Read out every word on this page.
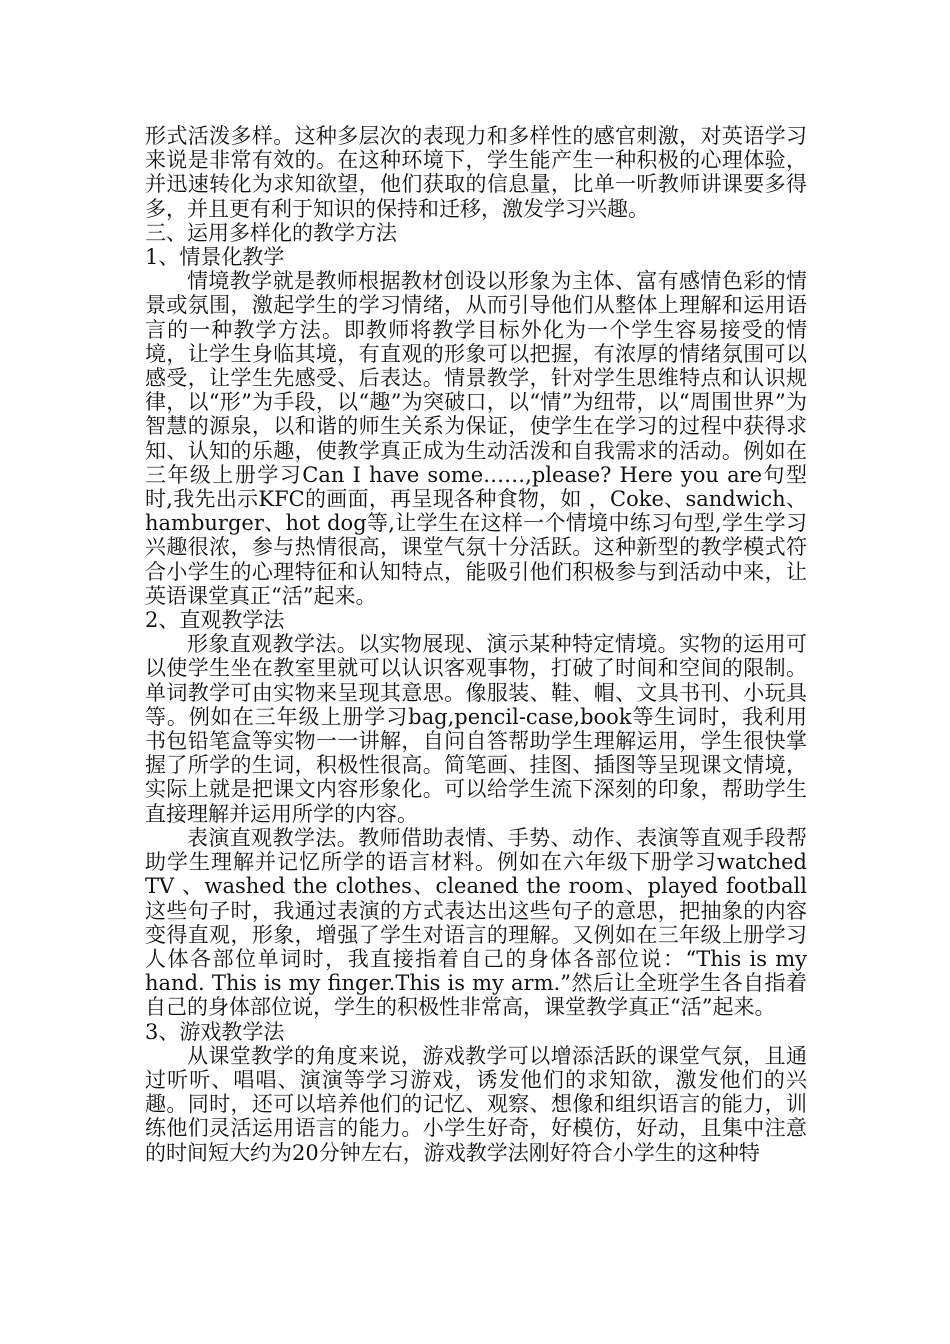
形式活泼多样。这种多层次的表现力和多样性的感官刺激，对英语学习来说是非常有效的。在这种环境下，学生能产生一种积极的心理体验，并迅速转化为求知欲望，他们获取的信息量，比单一听教师讲课要多得多，并且更有利于知识的保持和迁移，激发学习兴趣。

三、运用多样化的教学方法

1、情景化教学

情境教学就是教师根据教材创设以形象为主体、富有感情色彩的情景或氛围，激起学生的学习情绪，从而引导他们从整体上理解和运用语言的一种教学方法。即教师将教学目标外化为一个学生容易接受的情境，让学生身临其境，有直观的形象可以把握，有浓厚的情绪氛围可以感受，让学生先感受、后表达。情景教学，针对学生思维特点和认识规律，以“形”为手段，以“趣”为突破口，以“情”为纽带，以“周围世界”为智慧的源泉，以和谐的师生关系为保证，使学生在学习的过程中获得求知、认知的乐趣，使教学真正成为生动活泼和自我需求的活动。例如在三年级上册学习Can I have some……,please? Here you are句型时,我先出示KFC的画面，再呈现各种食物，如 ，Coke、sandwich、hamburger、hot dog等,让学生在这样一个情境中练习句型,学生学习兴趣很浓，参与热情很高，课堂气氛十分活跃。这种新型的教学模式符合小学生的心理特征和认知特点，能吸引他们积极参与到活动中来，让英语课堂真正“活”起来。

2、直观教学法

形象直观教学法。以实物展现、演示某种特定情境。实物的运用可以使学生坐在教室里就可以认识客观事物，打破了时间和空间的限制。单词教学可由实物来呈现其意思。像服装、鞋、帽、文具书刊、小玩具等。例如在三年级上册学习bag,pencil-case,book等生词时，我利用书包铅笔盒等实物一一讲解，自问自答帮助学生理解运用，学生很快掌握了所学的生词，积极性很高。简笔画、挂图、插图等呈现课文情境，实际上就是把课文内容形象化。可以给学生流下深刻的印象，帮助学生直接理解并运用所学的内容。

表演直观教学法。教师借助表情、手势、动作、表演等直观手段帮助学生理解并记忆所学的语言材料。例如在六年级下册学习watched TV 、washed the clothes、cleaned the room、played football这些句子时，我通过表演的方式表达出这些句子的意思，把抽象的内容变得直观，形象，增强了学生对语言的理解。又例如在三年级上册学习人体各部位单词时，我直接指着自己的身体各部位说：“This is my hand. This is my finger.This is my arm.”然后让全班学生各自指着自己的身体部位说，学生的积极性非常高，课堂教学真正“活”起来。

3、游戏教学法

从课堂教学的角度来说，游戏教学可以增添活跃的课堂气氛，且通过听听、唱唱、演演等学习游戏，诱发他们的求知欲，激发他们的兴趣。同时，还可以培养他们的记忆、观察、想像和组织语言的能力，训练他们灵活运用语言的能力。小学生好奇，好模仿，好动，且集中注意的时间短大约为20分钟左右，游戏教学法刚好符合小学生的这种特
